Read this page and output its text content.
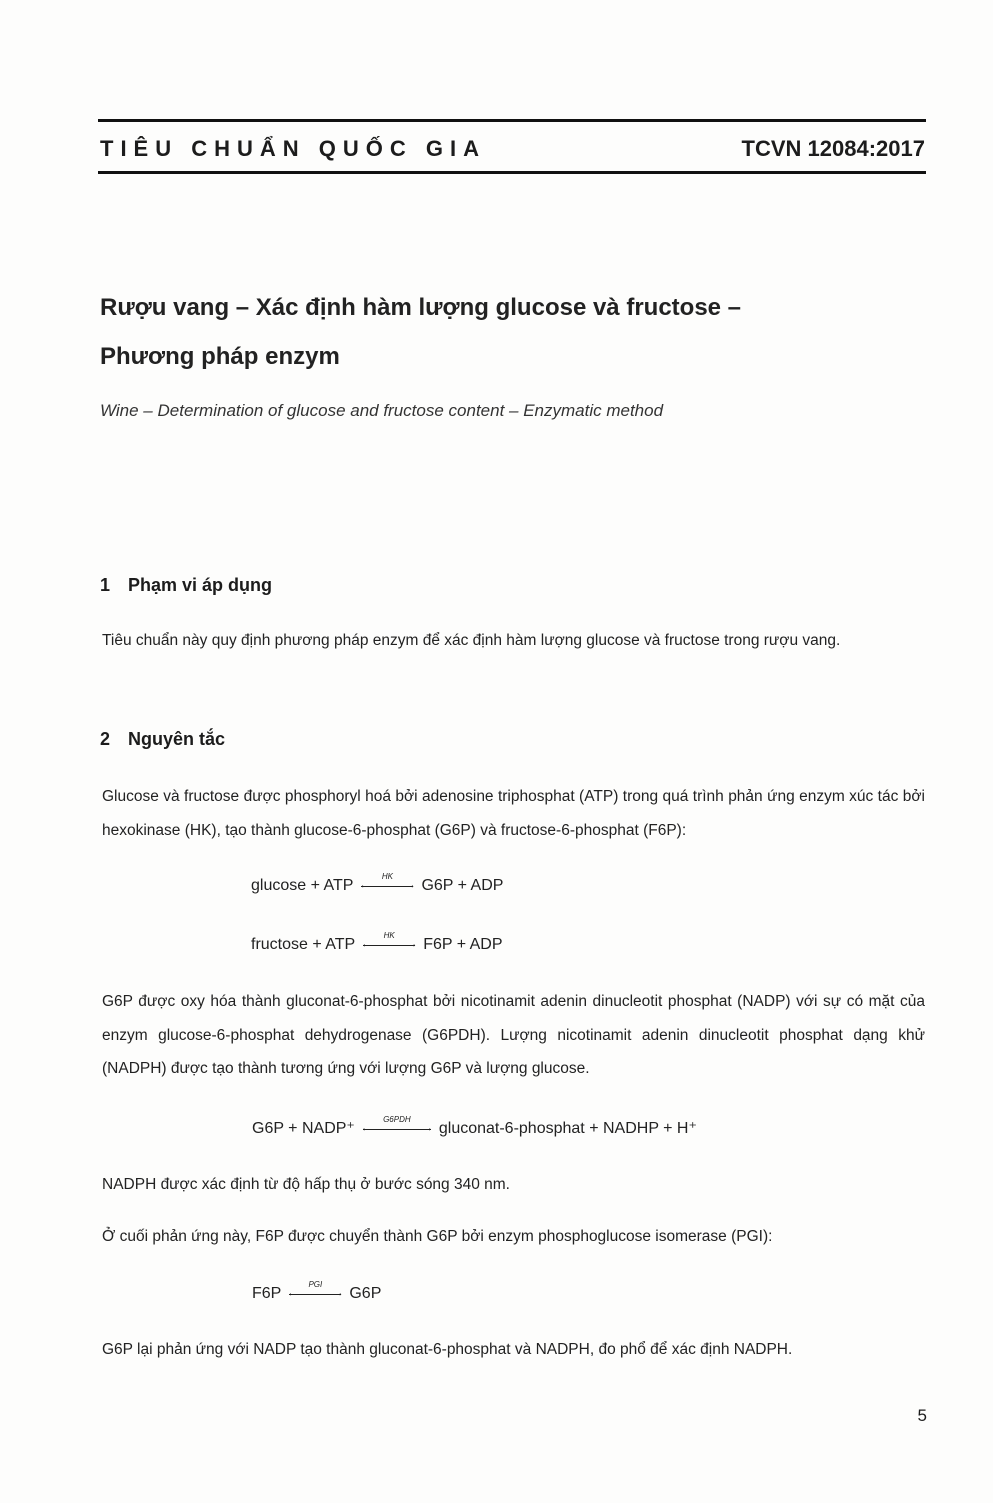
TIÊU CHUẨN QUỐC GIA	TCVN 12084:2017
Rượu vang – Xác định hàm lượng glucose và fructose –
Phương pháp enzym
Wine – Determination of glucose and fructose content – Enzymatic method
1 Phạm vi áp dụng
Tiêu chuẩn này quy định phương pháp enzym để xác định hàm lượng glucose và fructose trong rượu vang.
2 Nguyên tắc
Glucose và fructose được phosphoryl hoá bởi adenosine triphosphat (ATP) trong quá trình phản ứng enzym xúc tác bởi hexokinase (HK), tạo thành glucose-6-phosphat (G6P) và fructose-6-phosphat (F6P):
glucose + ATP ←	→
HK
G6P + ADP
fructose + ATP ←	→
HK
F6P + ADP
G6P được oxy hóa thành gluconat-6-phosphat bởi nicotinamit adenin dinucleotit phosphat (NADP) với sự có mặt của enzym glucose-6-phosphat dehydrogenase (G6PDH). Lượng nicotinamit adenin dinucleotit phosphat dạng khử (NADPH) được tạo thành tương ứng với lượng G6P và lượng glucose.
G6P + NADP⁺ ←	→
G6PDH
gluconat-6-phosphat + NADHP + H⁺
NADPH được xác định từ độ hấp thụ ở bước sóng 340 nm.
Ở cuối phản ứng này, F6P được chuyển thành G6P bởi enzym phosphoglucose isomerase (PGI):
F6P ←	→
PGI
G6P
G6P lại phản ứng với NADP tạo thành gluconat-6-phosphat và NADPH, đo phổ để xác định NADPH.
5
